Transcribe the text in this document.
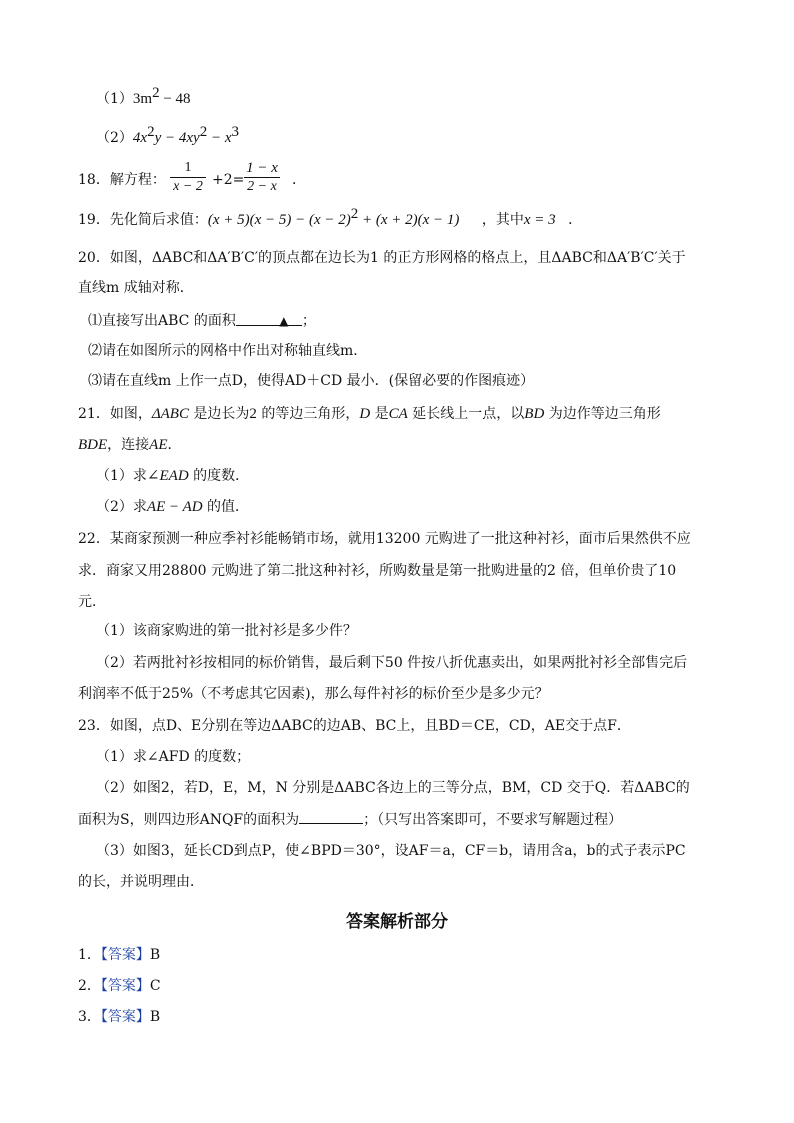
$(1)3m^2 - 48$
$(2)4x^2y - 4xy^2 - x^3$
18．解方程：
1
x − 2 +2=
1 − x
2 − x ．
19．先化简后求值：$(x + 5)(x - 5) - (x - 2)^2 + (x + 2)(x - 1)$ ，其中x = 3 ．
20．如图，ΔABC和ΔA′B′C′的顶点都在边长为1 的正方形网格的格点上，且ΔABC和ΔA′B′C′关于
直线m 成轴对称．
⑴直接写出ABC 的面积	▲ ；
⑵请在如图所示的网格中作出对称轴直线m．
⑶请在直线m 上作一点D，使得AD＋CD 最小．(保留必要的作图痕迹）
21．如图，ΔABC 是边长为2 的等边三角形，D 是CA 延长线上一点，以BD 为边作等边三角形
BDE，连接AE．
（1）求∠EAD 的度数．
（2）求AE − AD 的值．
22．某商家预测一种应季衬衫能畅销市场，就用13200 元购进了一批这种衬衫，面市后果然供不应
求．商家又用28800 元购进了第二批这种衬衫，所购数量是第一批购进量的2 倍，但单价贵了10
元．
（1）该商家购进的第一批衬衫是多少件？
（2）若两批衬衫按相同的标价销售，最后剩下50 件按八折优惠卖出，如果两批衬衫全部售完后
利润率不低于25%（不考虑其它因素)，那么每件衬衫的标价至少是多少元？
23．如图，点D、E分别在等边ΔABC的边AB、BC上，且BD＝CE，CD，AE交于点F．
（1）求∠AFD 的度数；
（2）如图2，若D，E，M，N 分别是ΔABC各边上的三等分点，BM，CD 交于Q．若ΔABC的
面积为S，则四边形ANQF的面积为	；（只写出答案即可，不要求写解题过程）
（3）如图3，延长CD到点P，使∠BPD＝30°，设AF＝a，CF＝b，请用含a，b的式子表示PC
的长，并说明理由．
答案解析部分
1．【答案】B
2．【答案】C
3．【答案】B
